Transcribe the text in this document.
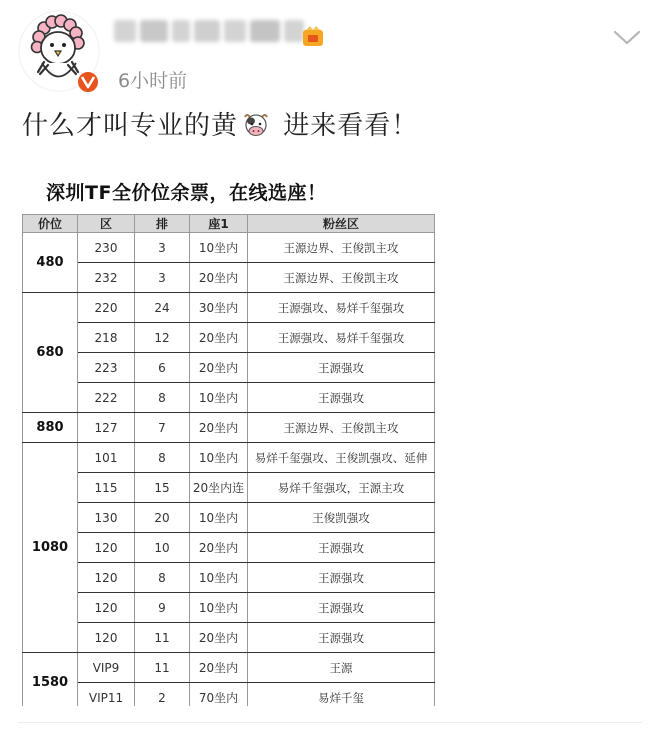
6小时前
什么才叫专业的黄 进来看看！
深圳TF全价位余票，在线选座！
价位	区	排	座1	粉丝区
480	230	3	10坐内	王源边界、王俊凯主攻
	232	3	20坐内	王源边界、王俊凯主攻
680	220	24	30坐内	王源强攻、易烊千玺强攻
	218	12	20坐内	王源强攻、易烊千玺强攻
	223	6	20坐内	王源强攻
	222	8	10坐内	王源强攻
880	127	7	20坐内	王源边界、王俊凯主攻
1080	101	8	10坐内	易烊千玺强攻、王俊凯强攻、延伸
	115	15	20坐内连	易烊千玺强攻，王源主攻
	130	20	10坐内	王俊凯强攻
	120	10	20坐内	王源强攻
	120	8	10坐内	王源强攻
	120	9	10坐内	王源强攻
	120	11	20坐内	王源强攻
1580	VIP9	11	20坐内	王源
	VIP11	2	70坐内	易烊千玺
